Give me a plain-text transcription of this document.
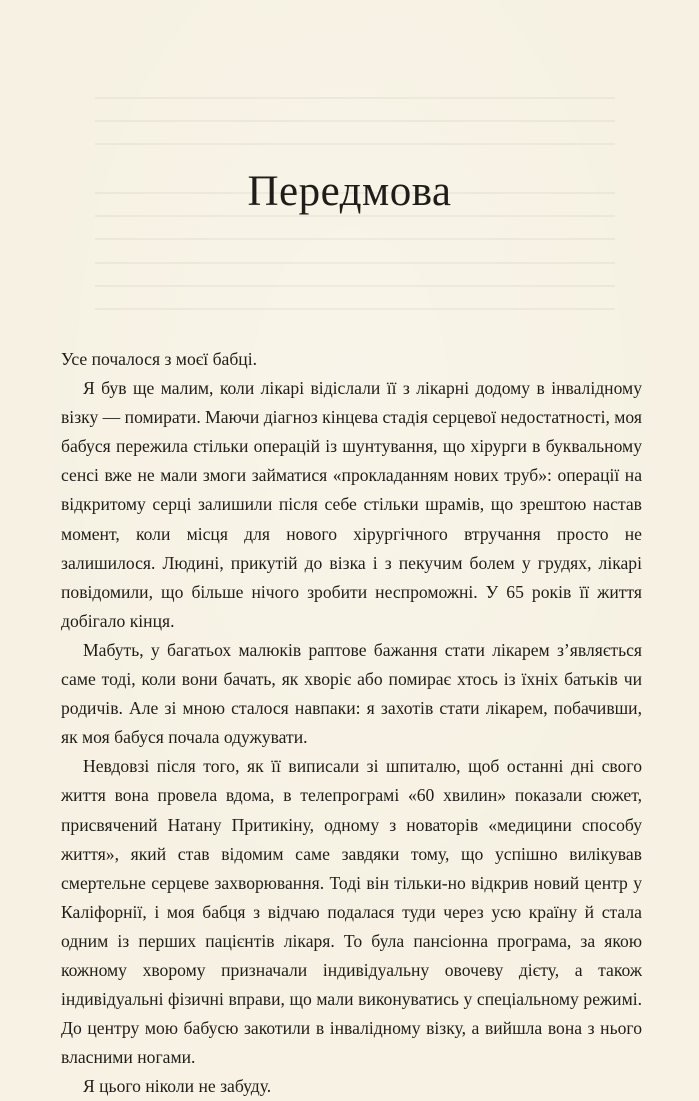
Передмова

Усе почалося з моєї бабці.

Я був ще малим, коли лікарі відіслали її з лікарні додому в інвалідному візку — помирати. Маючи діагноз кінцева стадія серцевої недостатності, моя бабуся пережила стільки операцій із шунтування, що хірурги в буквальному сенсі вже не мали змоги займатися «прокладанням нових труб»: операції на відкритому серці залишили після себе стільки шрамів, що зрештою настав момент, коли місця для нового хірургічного втручання просто не залишилося. Людині, прикутій до візка і з пекучим болем у грудях, лікарі повідомили, що більше нічого зробити неспроможні. У 65 років її життя добігало кінця.

Мабуть, у багатьох малюків раптове бажання стати лікарем з’являється саме тоді, коли вони бачать, як хворіє або помирає хтось із їхніх батьків чи родичів. Але зі мною сталося навпаки: я захотів стати лікарем, побачивши, як моя бабуся почала одужувати.

Невдовзі після того, як її виписали зі шпиталю, щоб останні дні свого життя вона провела вдома, в телепрограмі «60 хвилин» показали сюжет, присвячений Натану Притикіну, одному з новаторів «медицини способу життя», який став відомим саме завдяки тому, що успішно вилікував смертельне серцеве захворювання. Тоді він тільки-но відкрив новий центр у Каліфорнії, і моя бабця з відчаю подалася туди через усю країну й стала одним із перших пацієнтів лікаря. То була пансіонна програма, за якою кожному хворому призначали індивідуальну овочеву дієту, а також індивідуальні фізичні вправи, що мали виконуватись у спеціальному режимі. До центру мою бабусю закотили в інвалідному візку, а вийшла вона з нього власними ногами.

Я цього ніколи не забуду.
